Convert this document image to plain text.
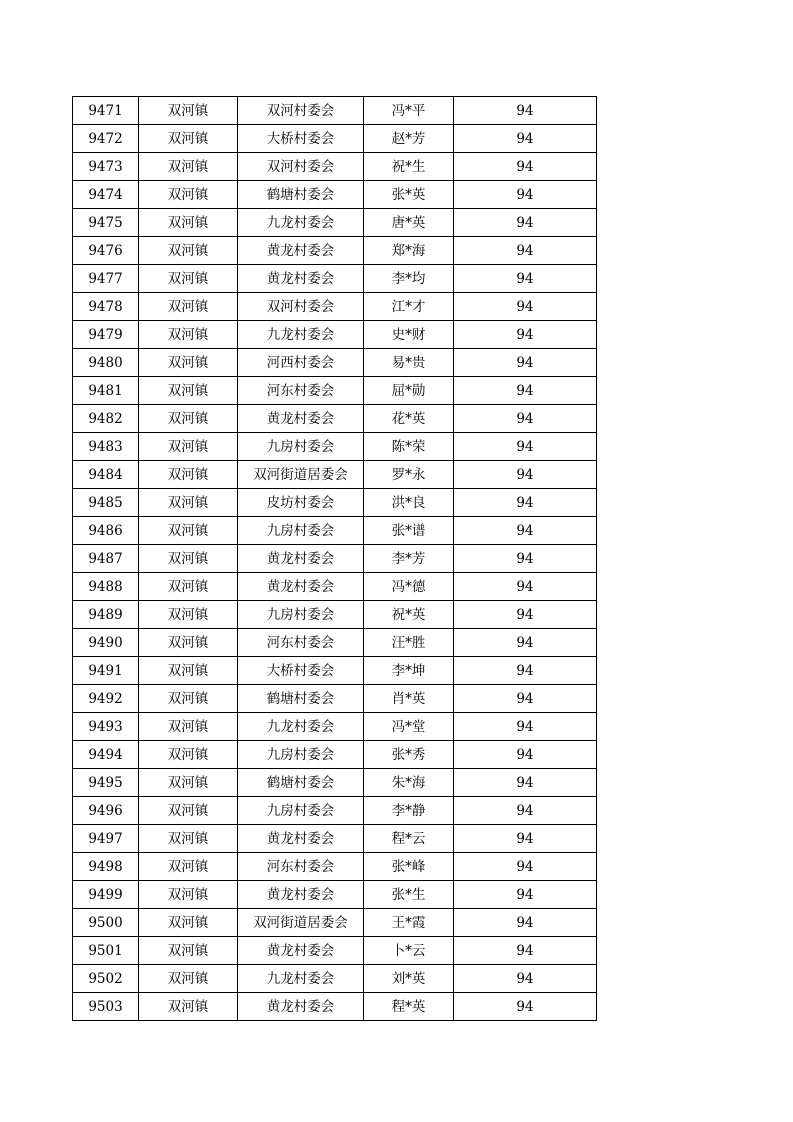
9471	双河镇	双河村委会	冯*平	94
9472	双河镇	大桥村委会	赵*芳	94
9473	双河镇	双河村委会	祝*生	94
9474	双河镇	鹤塘村委会	张*英	94
9475	双河镇	九龙村委会	唐*英	94
9476	双河镇	黄龙村委会	郑*海	94
9477	双河镇	黄龙村委会	李*均	94
9478	双河镇	双河村委会	江*才	94
9479	双河镇	九龙村委会	史*财	94
9480	双河镇	河西村委会	易*贵	94
9481	双河镇	河东村委会	屈*勋	94
9482	双河镇	黄龙村委会	花*英	94
9483	双河镇	九房村委会	陈*荣	94
9484	双河镇	双河街道居委会	罗*永	94
9485	双河镇	皮坊村委会	洪*良	94
9486	双河镇	九房村委会	张*谱	94
9487	双河镇	黄龙村委会	李*芳	94
9488	双河镇	黄龙村委会	冯*德	94
9489	双河镇	九房村委会	祝*英	94
9490	双河镇	河东村委会	汪*胜	94
9491	双河镇	大桥村委会	李*坤	94
9492	双河镇	鹤塘村委会	肖*英	94
9493	双河镇	九龙村委会	冯*堂	94
9494	双河镇	九房村委会	张*秀	94
9495	双河镇	鹤塘村委会	朱*海	94
9496	双河镇	九房村委会	李*静	94
9497	双河镇	黄龙村委会	程*云	94
9498	双河镇	河东村委会	张*峰	94
9499	双河镇	黄龙村委会	张*生	94
9500	双河镇	双河街道居委会	王*霞	94
9501	双河镇	黄龙村委会	卜*云	94
9502	双河镇	九龙村委会	刘*英	94
9503	双河镇	黄龙村委会	程*英	94
